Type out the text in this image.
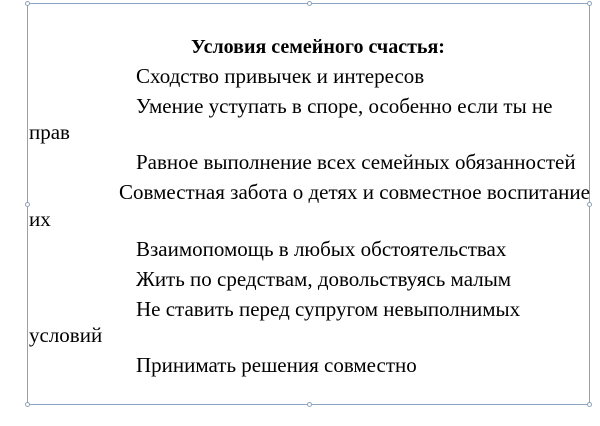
Условия семейного счастья:

Сходство привычек и интересов

Умение уступать в споре, особенно если ты не прав

Равное выполнение всех семейных обязанностей

Совместная забота о детях и совместное воспитание их

Взаимопомощь в любых обстоятельствах

Жить по средствам, довольствуясь малым

Не ставить перед супругом невыполнимых условий

Принимать решения совместно
